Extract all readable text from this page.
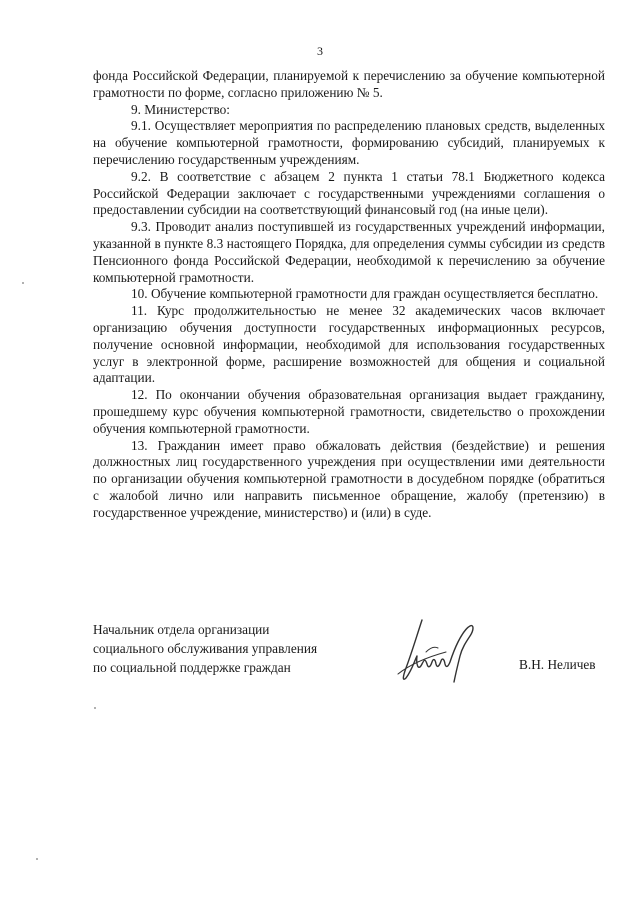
3

фонда Российской Федерации, планируемой к перечислению за обучение компьютерной грамотности по форме, согласно приложению № 5.

9. Министерство:

9.1. Осуществляет мероприятия по распределению плановых средств, выделенных на обучение компьютерной грамотности, формированию субсидий, планируемых к перечислению государственным учреждениям.

9.2. В соответствие с абзацем 2 пункта 1 статьи 78.1 Бюджетного кодекса Российской Федерации заключает с государственными учреждениями соглашения о предоставлении субсидии на соответствующий финансовый год (на иные цели).

9.3. Проводит анализ поступившей из государственных учреждений информации, указанной в пункте 8.3 настоящего Порядка, для определения суммы субсидии из средств Пенсионного фонда Российской Федерации, необходимой к перечислению за обучение компьютерной грамотности.

10. Обучение компьютерной грамотности для граждан осуществляется бесплатно.

11. Курс продолжительностью не менее 32 академических часов включает организацию обучения доступности государственных информационных ресурсов, получение основной информации, необходимой для использования государственных услуг в электронной форме, расширение возможностей для общения и социальной адаптации.

12. По окончании обучения образовательная организация выдает гражданину, прошедшему курс обучения компьютерной грамотности, свидетельство о прохождении обучения компьютерной грамотности.

13. Гражданин имеет право обжаловать действия (бездействие) и решения должностных лиц государственного учреждения при осуществлении ими деятельности по организации обучения компьютерной грамотности в досудебном порядке (обратиться с жалобой лично или направить письменное обращение, жалобу (претензию) в государственное учреждение, министерство) и (или) в суде.

Начальник отдела организации
социального обслуживания управления
по социальной поддержке граждан	В.Н. Неличев
